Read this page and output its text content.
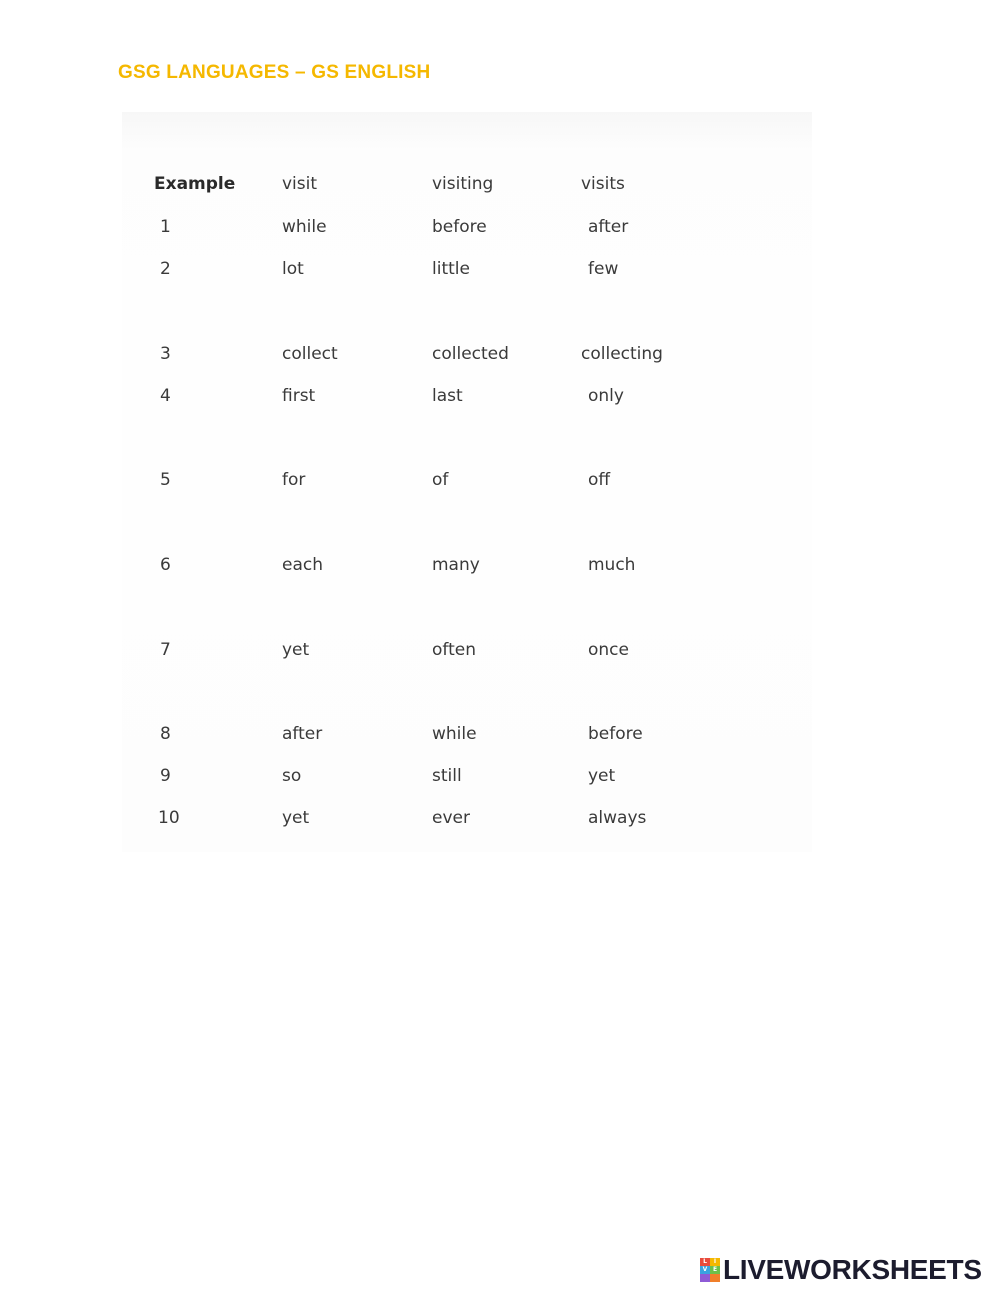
GSG LANGUAGES – GS ENGLISH
Example	visit	visiting	visits
1	while	before	after
2	lot	little	few
3	collect	collected	collecting
4	first	last	only
5	for	of	off
6	each	many	much
7	yet	often	once
8	after	while	before
9	so	still	yet
10	yet	ever	always
L	I
V E LIVEWORKSHEETS
